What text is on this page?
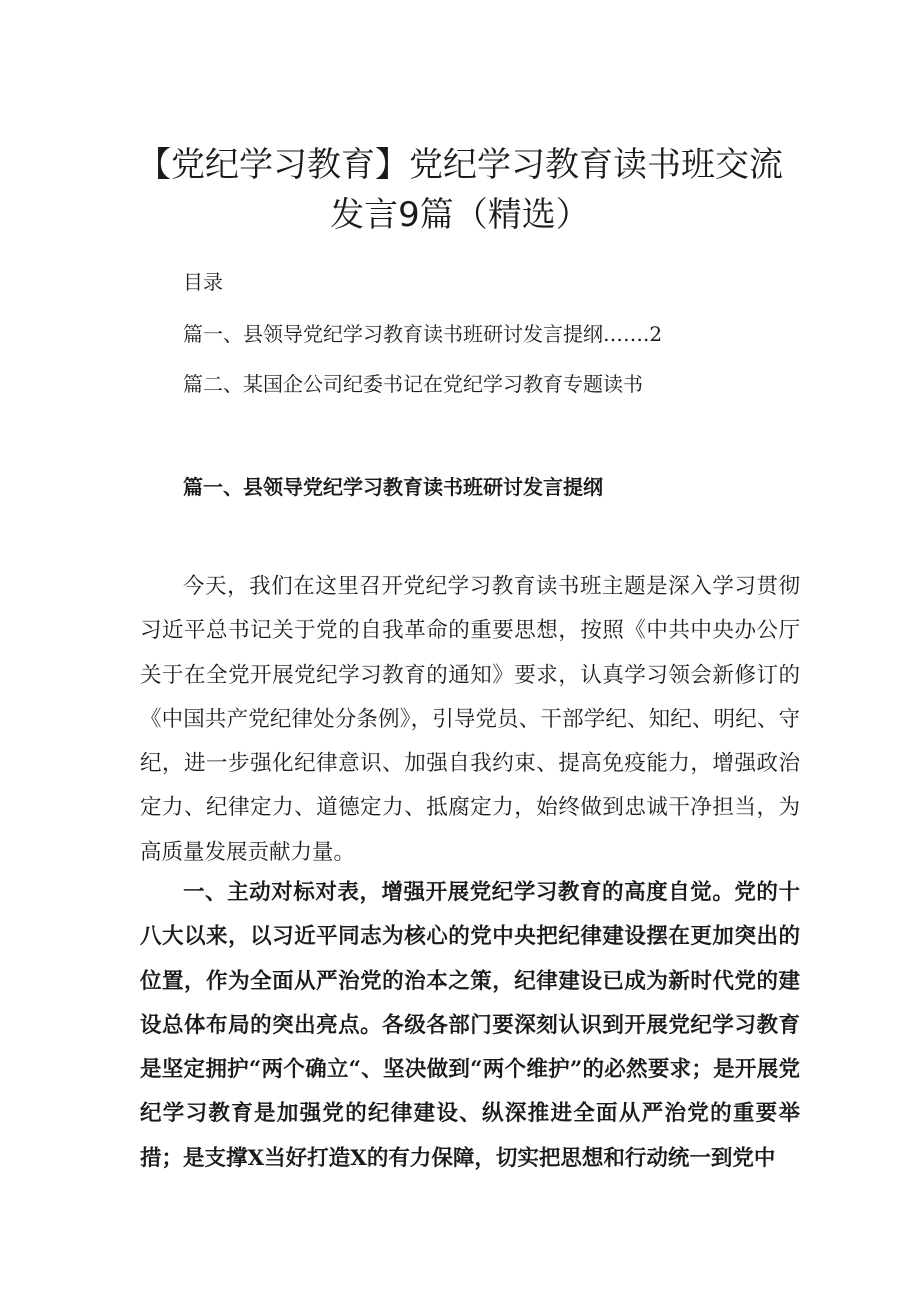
【党纪学习教育】党纪学习教育读书班交流
发言9篇（精选）
目录
篇一、县领导党纪学习教育读书班研讨发言提纲…….2
篇二、某国企公司纪委书记在党纪学习教育专题读书
篇一、县领导党纪学习教育读书班研讨发言提纲

今天，我们在这里召开党纪学习教育读书班主题是深入学习贯彻习近平总书记关于党的自我革命的重要思想，按照《中共中央办公厅关于在全党开展党纪学习教育的通知》要求，认真学习领会新修订的《中国共产党纪律处分条例》，引导党员、干部学纪、知纪、明纪、守纪，进一步强化纪律意识、加强自我约束、提高免疫能力，增强政治定力、纪律定力、道德定力、抵腐定力，始终做到忠诚干净担当，为高质量发展贡献力量。

一、主动对标对表，增强开展党纪学习教育的高度自觉。党的十八大以来，以习近平同志为核心的党中央把纪律建设摆在更加突出的位置，作为全面从严治党的治本之策，纪律建设已成为新时代党的建设总体布局的突出亮点。各级各部门要深刻认识到开展党纪学习教育是坚定拥护“两个确立“、坚决做到“两个维护”的必然要求；是开展党纪学习教育是加强党的纪律建设、纵深推进全面从严治党的重要举措；是支撑X当好打造X的有力保障，切实把思想和行动统一到党中
